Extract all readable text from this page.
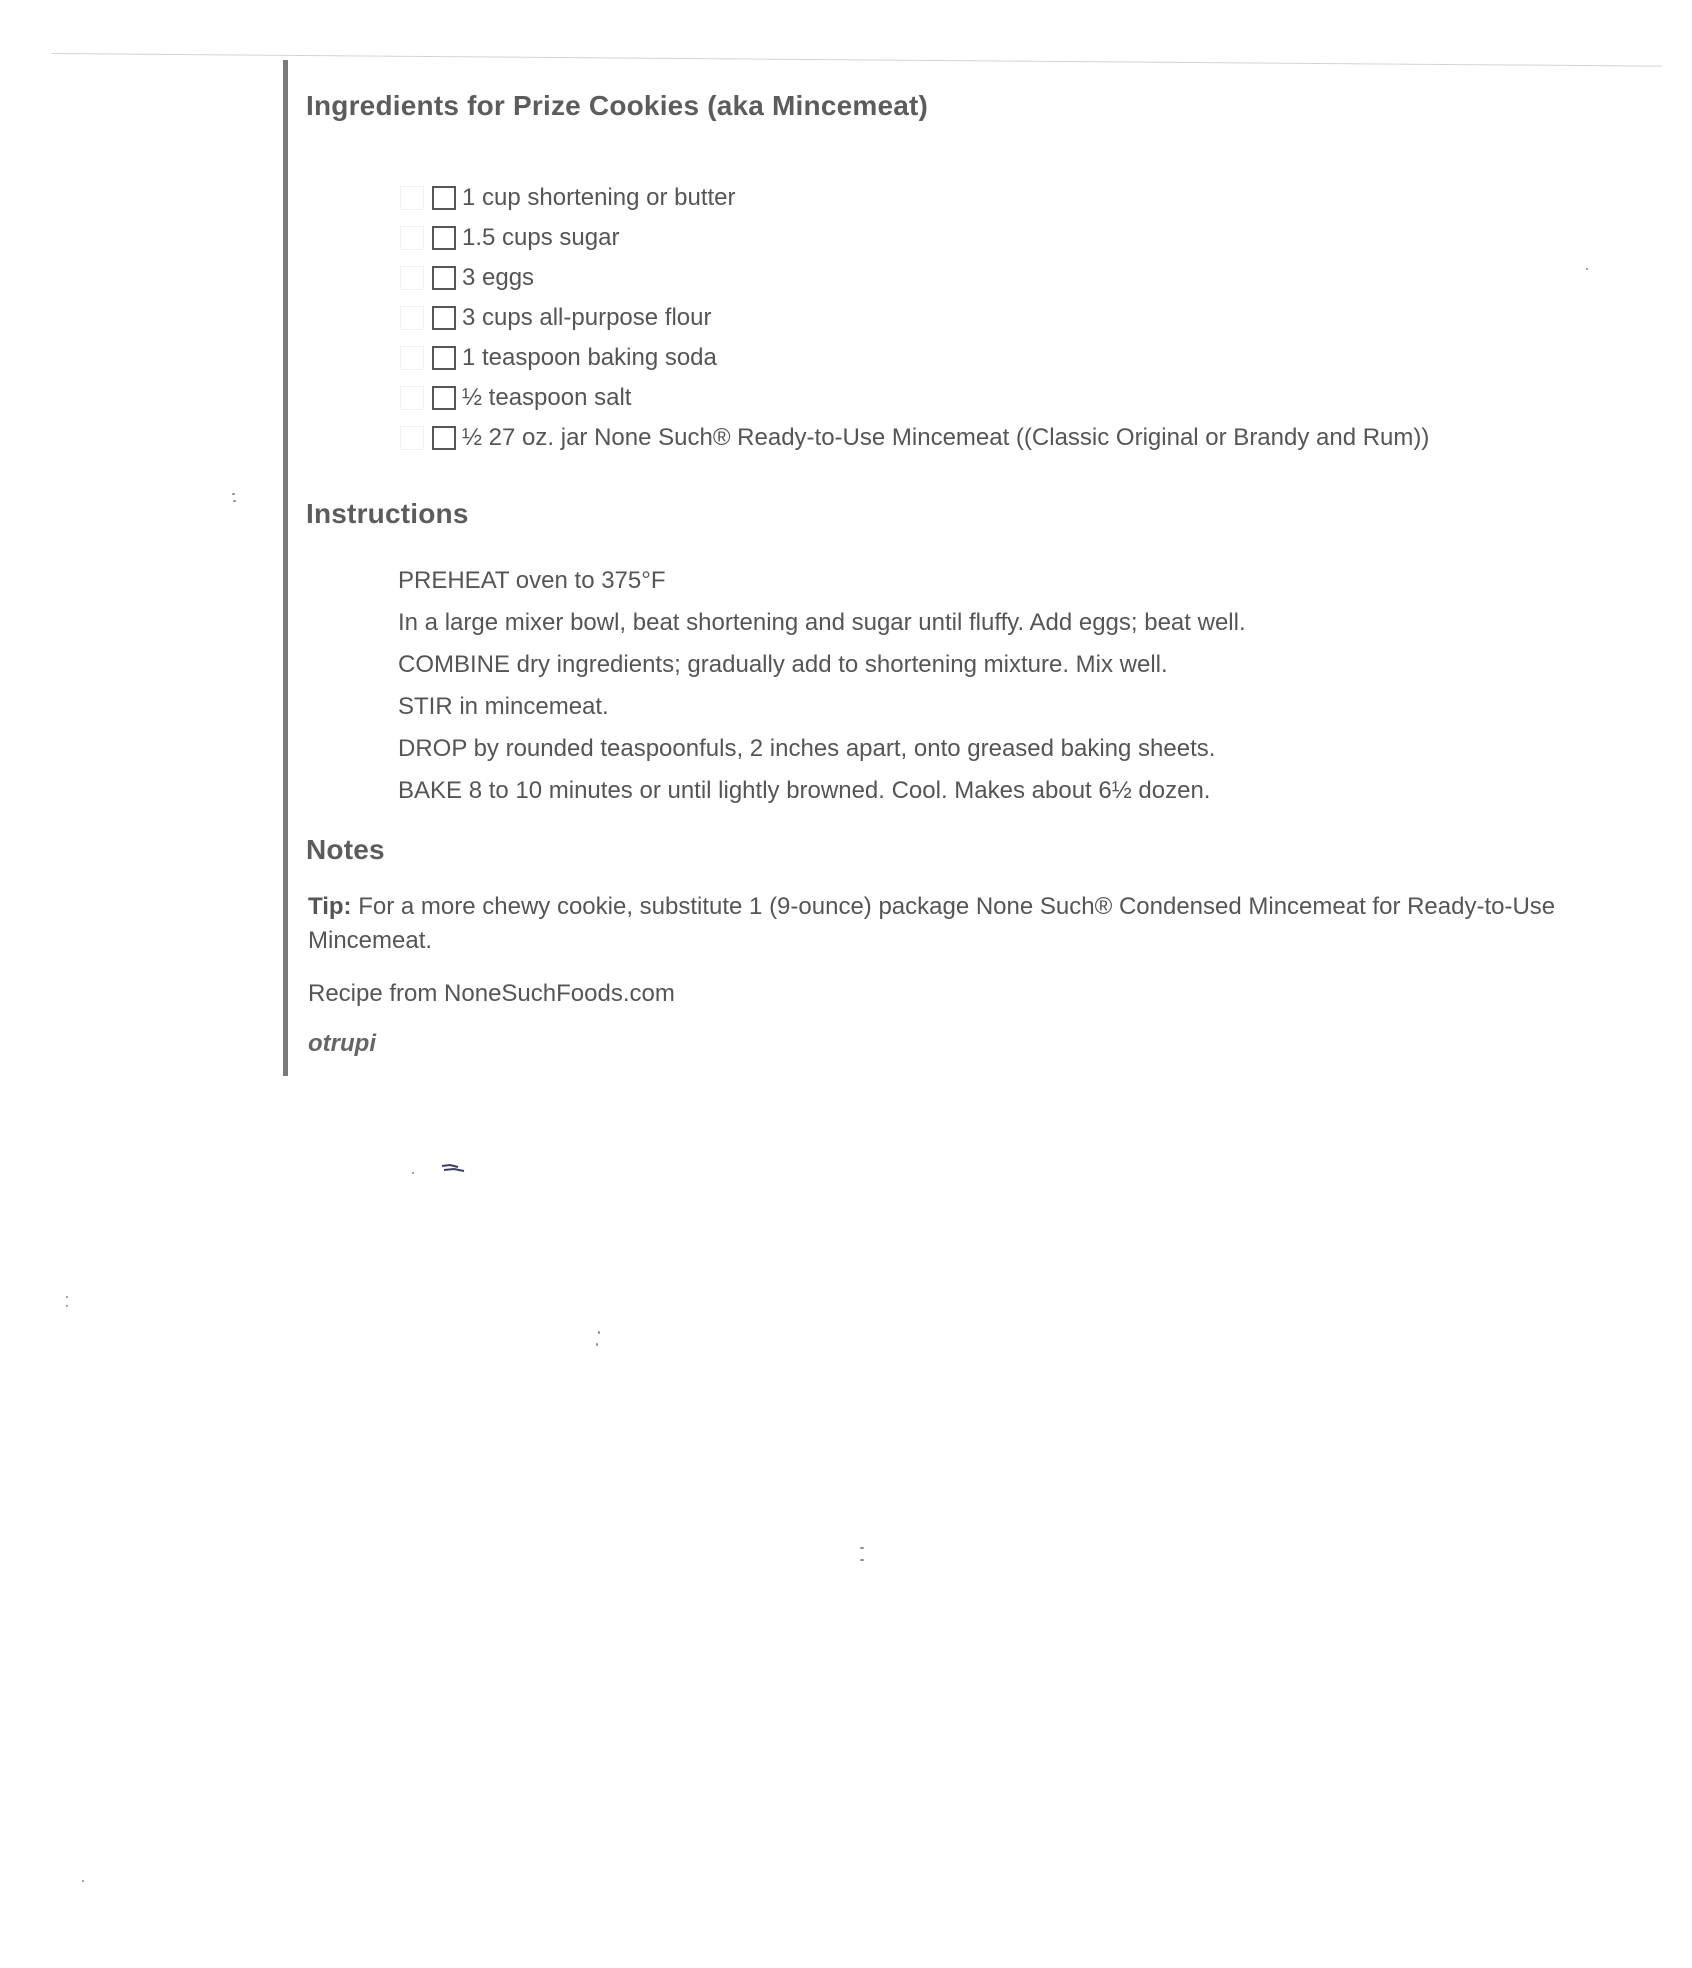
Ingredients for Prize Cookies (aka Mincemeat)
1 cup shortening or butter
1.5 cups sugar
3 eggs
3 cups all-purpose flour
1 teaspoon baking soda
½ teaspoon salt
½ 27 oz. jar None Such® Ready-to-Use Mincemeat ((Classic Original or Brandy and Rum))
Instructions
PREHEAT oven to 375°F
In a large mixer bowl, beat shortening and sugar until fluffy. Add eggs; beat well.
COMBINE dry ingredients; gradually add to shortening mixture. Mix well.
STIR in mincemeat.
DROP by rounded teaspoonfuls, 2 inches apart, onto greased baking sheets.
BAKE 8 to 10 minutes or until lightly browned. Cool. Makes about 6½ dozen.
Notes

Tip: For a more chewy cookie, substitute 1 (9-ounce) package None Such® Condensed Mincemeat for Ready-to-Use Mincemeat.

Recipe from NoneSuchFoods.com

otrupi
